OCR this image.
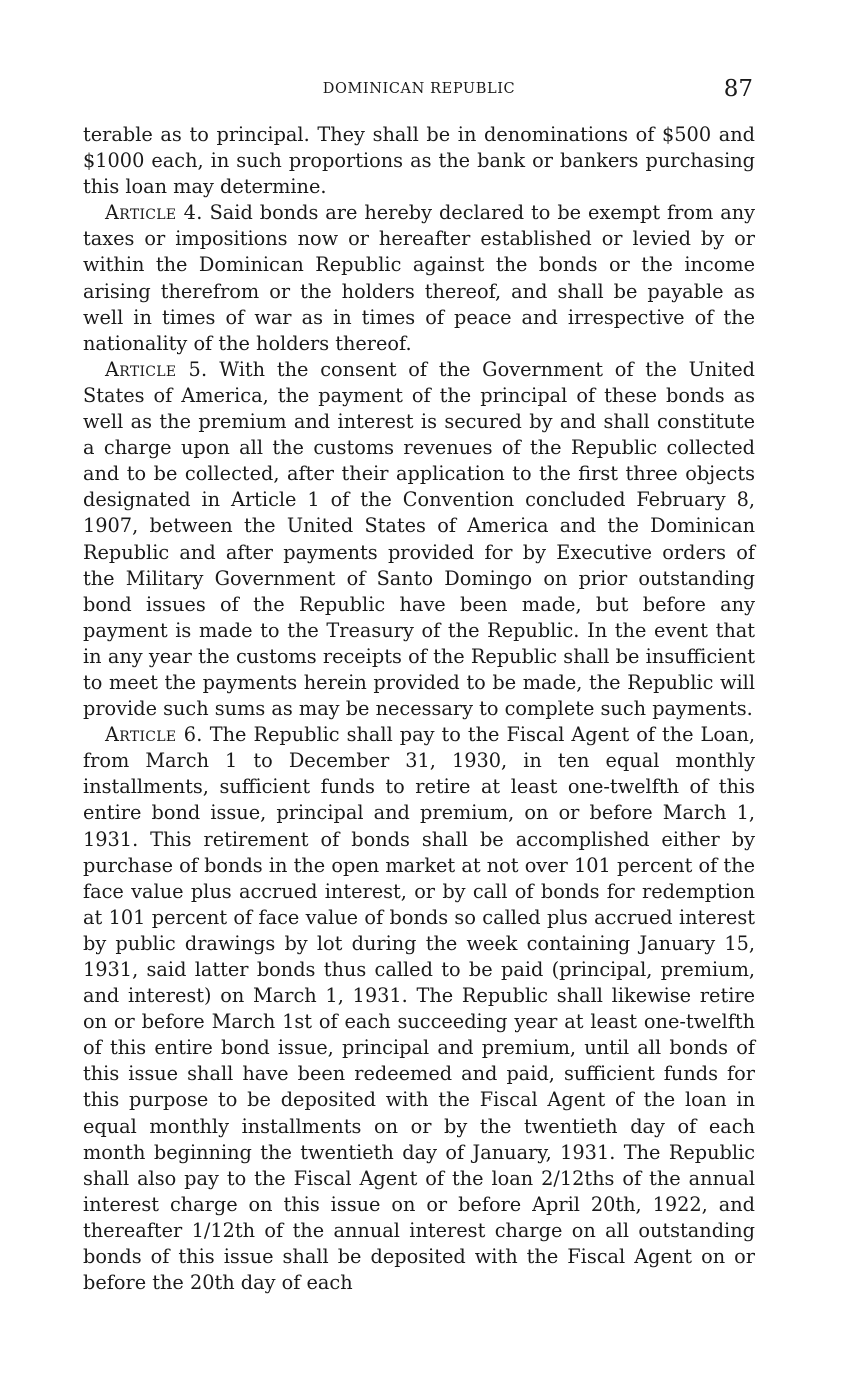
DOMINICAN REPUBLIC	87

terable as to principal. They shall be in denominations of $500 and $1000 each, in such proportions as the bank or bankers purchasing this loan may determine.

Article 4. Said bonds are hereby declared to be exempt from any taxes or impositions now or hereafter established or levied by or within the Dominican Republic against the bonds or the income arising therefrom or the holders thereof, and shall be payable as well in times of war as in times of peace and irrespective of the nationality of the holders thereof.

Article 5. With the consent of the Government of the United States of America, the payment of the principal of these bonds as well as the premium and interest is secured by and shall constitute a charge upon all the customs revenues of the Republic collected and to be collected, after their application to the first three objects designated in Article 1 of the Convention concluded February 8, 1907, between the United States of America and the Dominican Republic and after payments provided for by Executive orders of the Military Government of Santo Domingo on prior outstanding bond issues of the Republic have been made, but before any payment is made to the Treasury of the Republic. In the event that in any year the customs receipts of the Republic shall be insufficient to meet the payments herein provided to be made, the Republic will provide such sums as may be necessary to complete such payments.

Article 6. The Republic shall pay to the Fiscal Agent of the Loan, from March 1 to December 31, 1930, in ten equal monthly installments, sufficient funds to retire at least one-twelfth of this entire bond issue, principal and premium, on or before March 1, 1931. This retirement of bonds shall be accomplished either by purchase of bonds in the open market at not over 101 percent of the face value plus accrued interest, or by call of bonds for redemption at 101 percent of face value of bonds so called plus accrued interest by public drawings by lot during the week containing January 15, 1931, said latter bonds thus called to be paid (principal, premium, and interest) on March 1, 1931. The Republic shall likewise retire on or before March 1st of each succeeding year at least one-twelfth of this entire bond issue, principal and premium, until all bonds of this issue shall have been redeemed and paid, sufficient funds for this purpose to be deposited with the Fiscal Agent of the loan in equal monthly installments on or by the twentieth day of each month beginning the twentieth day of January, 1931. The Republic shall also pay to the Fiscal Agent of the loan 2/12ths of the annual interest charge on this issue on or before April 20th, 1922, and thereafter 1/12th of the annual interest charge on all outstanding bonds of this issue shall be deposited with the Fiscal Agent on or before the 20th day of each
